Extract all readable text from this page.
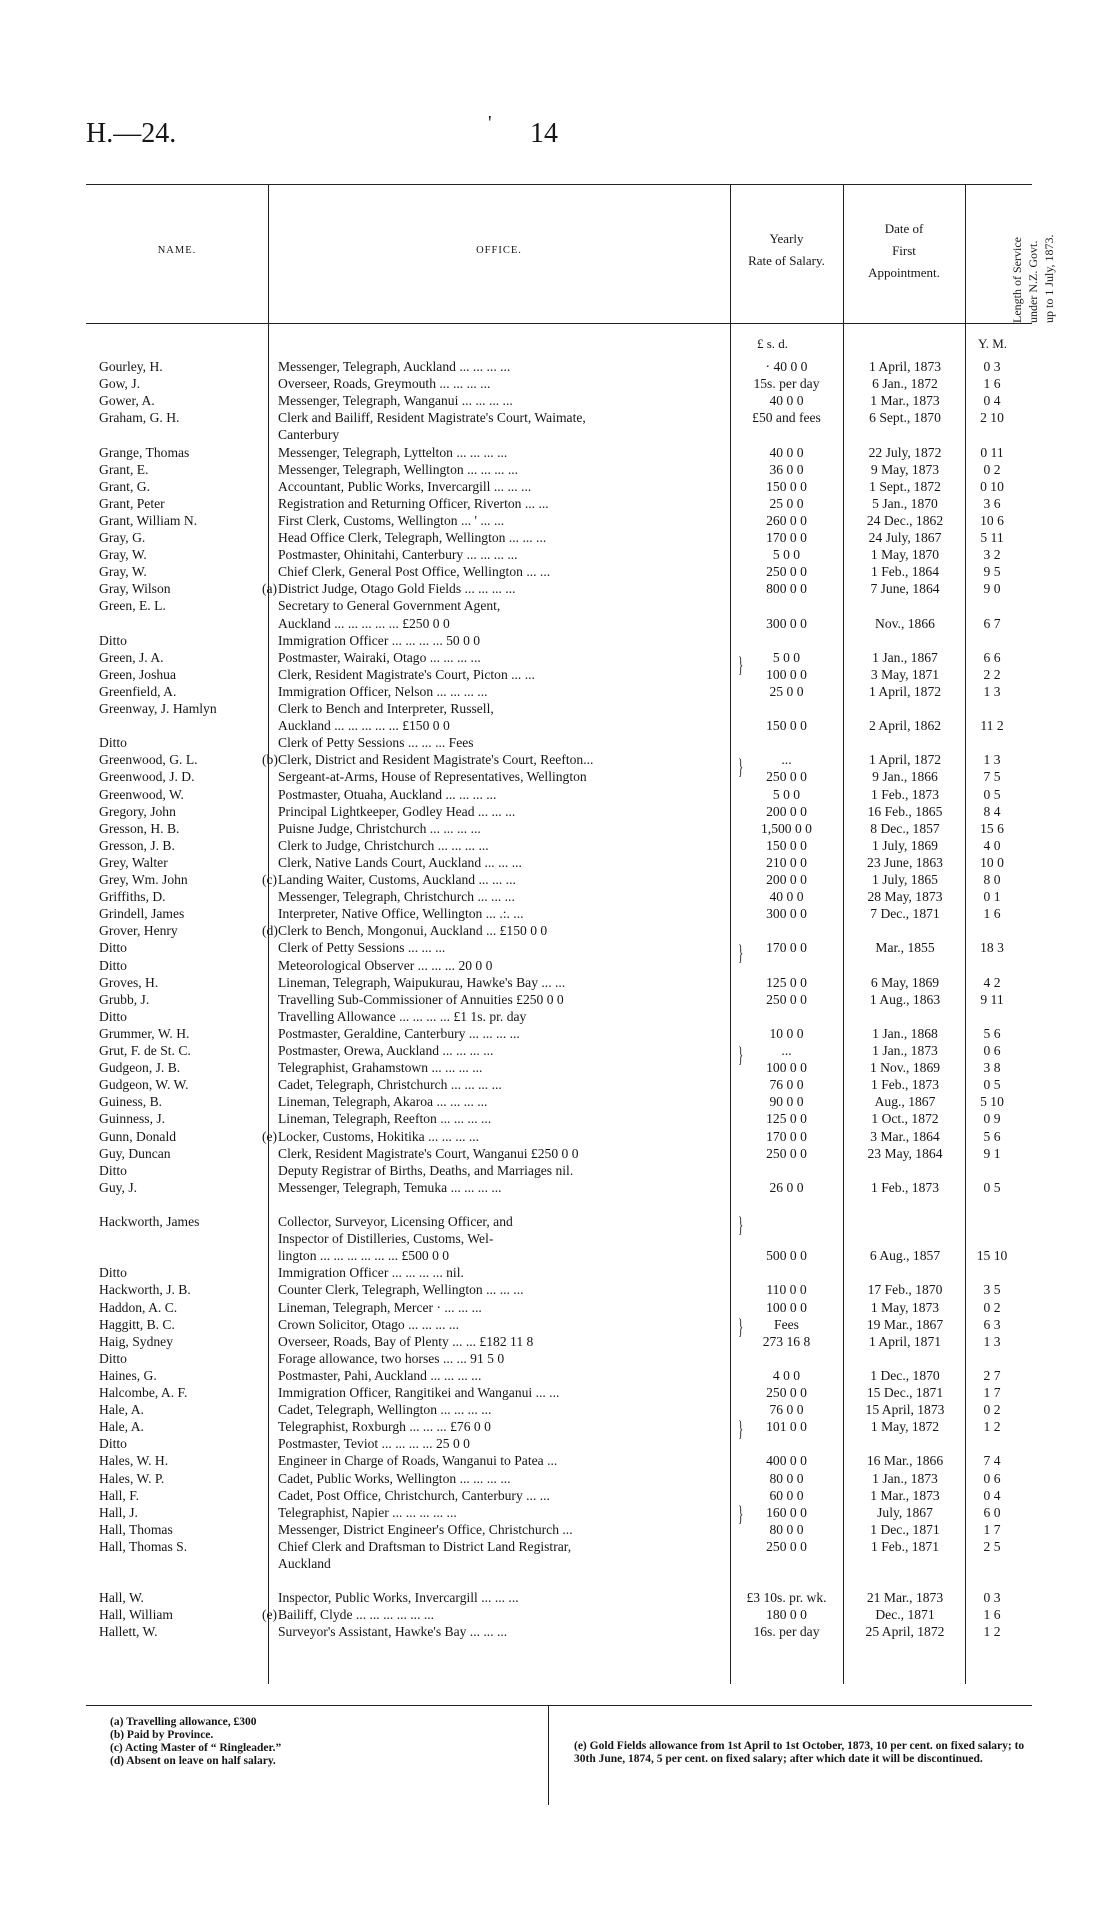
H.—24.	' 14
NAME.	OFFICE.
Yearly
Rate of Salary.
Date of
First
Appointment.	Length of Service under N.Z. Govt. up to 1 July, 1873.
£ s. d.	Y. M.
Gourley, H.	Messenger, Telegraph, Auckland ... ... ... ...	· 40 0 0	1 April, 1873	0 3
Gow, J.	Overseer, Roads, Greymouth ... ... ... ...	15s. per day	6 Jan., 1872	1 6
Gower, A.	Messenger, Telegraph, Wanganui ... ... ... ...	40 0 0	1 Mar., 1873	0 4
Graham, G. H.	Clerk and Bailiff, Resident Magistrate's Court, Waimate,	£50 and fees	6 Sept., 1870	2 10
Canterbury
Grange, Thomas	Messenger, Telegraph, Lyttelton ... ... ... ...	40 0 0	22 July, 1872	0 11
Grant, E.	Messenger, Telegraph, Wellington ... ... ... ...	36 0 0	9 May, 1873	0 2
Grant, G.	Accountant, Public Works, Invercargill ... ... ...	150 0 0	1 Sept., 1872	0 10
Grant, Peter	Registration and Returning Officer, Riverton ... ...	25 0 0	5 Jan., 1870	3 6
Grant, William N.	First Clerk, Customs, Wellington ... ' ... ...	260 0 0	24 Dec., 1862	10 6
Gray, G.	Head Office Clerk, Telegraph, Wellington ... ... ...	170 0 0	24 July, 1867	5 11
Gray, W.	Postmaster, Ohinitahi, Canterbury ... ... ... ...	5 0 0	1 May, 1870	3 2
Gray, W.	Chief Clerk, General Post Office, Wellington ... ...	250 0 0	1 Feb., 1864	9 5
Gray, Wilson	(a) District Judge, Otago Gold Fields ... ... ... ...	800 0 0	7 June, 1864	9 0
Green, E. L.	Secretary to General Government Agent,
Auckland ... ... ... ... ... £250 0 0	300 0 0	Nov., 1866	6 7
Ditto	Immigration Officer ... ... ... ... 50 0 0
Green, J. A.	Postmaster, Wairaki, Otago ... ... ... ...	5 0 0	1 Jan., 1867	6 6
Green, Joshua	Clerk, Resident Magistrate's Court, Picton ... ...	100 0 0	3 May, 1871	2 2
Greenfield, A.	Immigration Officer, Nelson ... ... ... ...	25 0 0	1 April, 1872	1 3
Greenway, J. Hamlyn	Clerk to Bench and Interpreter, Russell,
Auckland ... ... ... ... ... £150 0 0	150 0 0	2 April, 1862	11 2
Ditto	Clerk of Petty Sessions ... ... ... Fees
Greenwood, G. L.	(b) Clerk, District and Resident Magistrate's Court, Reefton...	...	1 April, 1872	1 3
Greenwood, J. D.	Sergeant-at-Arms, House of Representatives, Wellington	250 0 0	9 Jan., 1866	7 5
Greenwood, W.	Postmaster, Otuaha, Auckland ... ... ... ...	5 0 0	1 Feb., 1873	0 5
Gregory, John	Principal Lightkeeper, Godley Head ... ... ...	200 0 0	16 Feb., 1865	8 4
Gresson, H. B.	Puisne Judge, Christchurch ... ... ... ...	1,500 0 0	8 Dec., 1857	15 6
Gresson, J. B.	Clerk to Judge, Christchurch ... ... ... ...	150 0 0	1 July, 1869	4 0
Grey, Walter	Clerk, Native Lands Court, Auckland ... ... ...	210 0 0	23 June, 1863	10 0
Grey, Wm. John	(c) Landing Waiter, Customs, Auckland ... ... ...	200 0 0	1 July, 1865	8 0
Griffiths, D.	Messenger, Telegraph, Christchurch ... ... ...	40 0 0	28 May, 1873	0 1
Grindell, James	Interpreter, Native Office, Wellington ... .:. ...	300 0 0	7 Dec., 1871	1 6
Grover, Henry	(d) Clerk to Bench, Mongonui, Auckland ... £150 0 0
Ditto	Clerk of Petty Sessions ... ... ...	170 0 0	Mar., 1855	18 3
Ditto	Meteorological Observer ... ... ... 20 0 0
Groves, H.	Lineman, Telegraph, Waipukurau, Hawke's Bay ... ...	125 0 0	6 May, 1869	4 2
Grubb, J.	Travelling Sub-Commissioner of Annuities £250 0 0	250 0 0	1 Aug., 1863	9 11
Ditto	Travelling Allowance ... ... ... ... £1 1s. pr. day
Grummer, W. H.	Postmaster, Geraldine, Canterbury ... ... ... ...	10 0 0	1 Jan., 1868	5 6
Grut, F. de St. C.	Postmaster, Orewa, Auckland ... ... ... ...	...	1 Jan., 1873	0 6
Gudgeon, J. B.	Telegraphist, Grahamstown ... ... ... ...	100 0 0	1 Nov., 1869	3 8
Gudgeon, W. W.	Cadet, Telegraph, Christchurch ... ... ... ...	76 0 0	1 Feb., 1873	0 5
Guiness, B.	Lineman, Telegraph, Akaroa ... ... ... ...	90 0 0	Aug., 1867	5 10
Guinness, J.	Lineman, Telegraph, Reefton ... ... ... ...	125 0 0	1 Oct., 1872	0 9
Gunn, Donald	(e) Locker, Customs, Hokitika ... ... ... ...	170 0 0	3 Mar., 1864	5 6
Guy, Duncan	Clerk, Resident Magistrate's Court, Wanganui £250 0 0	250 0 0	23 May, 1864	9 1
Ditto	Deputy Registrar of Births, Deaths, and Marriages nil.
Guy, J.	Messenger, Telegraph, Temuka ... ... ... ...	26 0 0	1 Feb., 1873	0 5
Hackworth, James	Collector, Surveyor, Licensing Officer, and
Inspector of Distilleries, Customs, Wel-
lington ... ... ... ... ... ... £500 0 0	500 0 0	6 Aug., 1857	15 10
Ditto	Immigration Officer ... ... ... ... nil.
Hackworth, J. B.	Counter Clerk, Telegraph, Wellington ... ... ...	110 0 0	17 Feb., 1870	3 5
Haddon, A. C.	Lineman, Telegraph, Mercer · ... ... ...	100 0 0	1 May, 1873	0 2
Haggitt, B. C.	Crown Solicitor, Otago ... ... ... ...	Fees	19 Mar., 1867	6 3
Haig, Sydney	Overseer, Roads, Bay of Plenty ... ... £182 11 8	273 16 8	1 April, 1871	1 3
Ditto	Forage allowance, two horses ... ... 91 5 0
Haines, G.	Postmaster, Pahi, Auckland ... ... ... ...	4 0 0	1 Dec., 1870	2 7
Halcombe, A. F.	Immigration Officer, Rangitikei and Wanganui ... ...	250 0 0	15 Dec., 1871	1 7
Hale, A.	Cadet, Telegraph, Wellington ... ... ... ...	76 0 0	15 April, 1873	0 2
Hale, A.	Telegraphist, Roxburgh ... ... ... £76 0 0	101 0 0	1 May, 1872	1 2
Ditto	Postmaster, Teviot ... ... ... ... 25 0 0
Hales, W. H.	Engineer in Charge of Roads, Wanganui to Patea ...	400 0 0	16 Mar., 1866	7 4
Hales, W. P.	Cadet, Public Works, Wellington ... ... ... ...	80 0 0	1 Jan., 1873	0 6
Hall, F.	Cadet, Post Office, Christchurch, Canterbury ... ...	60 0 0	1 Mar., 1873	0 4
Hall, J.	Telegraphist, Napier ... ... ... ... ...	160 0 0	July, 1867	6 0
Hall, Thomas	Messenger, District Engineer's Office, Christchurch ...	80 0 0	1 Dec., 1871	1 7
Hall, Thomas S.	Chief Clerk and Draftsman to District Land Registrar,	250 0 0	1 Feb., 1871	2 5
Auckland
Hall, W.	Inspector, Public Works, Invercargill ... ... ...	£3 10s. pr. wk.	21 Mar., 1873	0 3
Hall, William	(e) Bailiff, Clyde ... ... ... ... ... ...	180 0 0	Dec., 1871	1 6
Hallett, W.	Surveyor's Assistant, Hawke's Bay ... ... ...	16s. per day	25 April, 1872	1 2
}
}
}
}
}
}
}
}
(a) Travelling allowance, £300
(b) Paid by Province.
(c) Acting Master of “ Ringleader.”
(d) Absent on leave on half salary.
(e) Gold Fields allowance from 1st April to 1st October, 1873, 10 per cent. on fixed salary; to 30th June, 1874, 5 per cent. on fixed salary; after which date it will be discontinued.
